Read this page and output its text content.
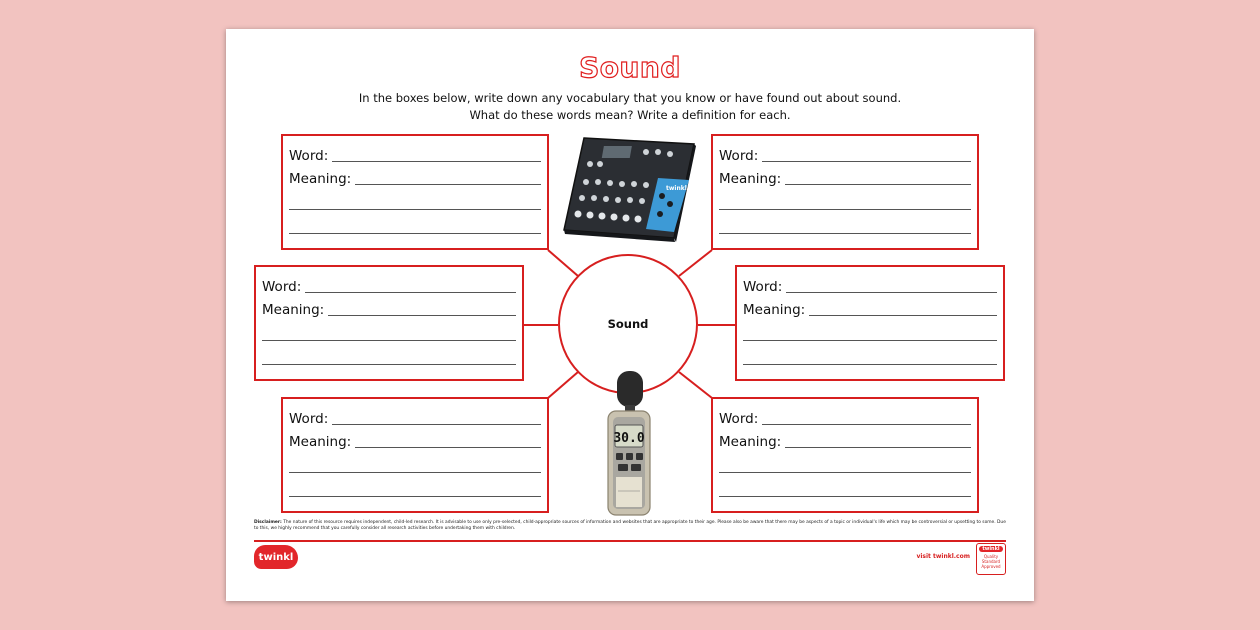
Sound

In the boxes below, write down any vocabulary that you know or have found out about sound.

What do these words mean? Write a definition for each.

Word:
Meaning:
Word:
Meaning:
Word:
Meaning:
Word:
Meaning:
Word:
Meaning:
Word:
Meaning:
Sound
twinkl
30.0
Disclaimer: The nature of this resource requires independent, child-led research. It is advisable to use only pre-selected, child-appropriate sources of information and websites that are appropriate to their age. Please also be aware that there may be aspects of a topic or individual's life which may be controversial or upsetting to some. Due to this, we highly recommend that you carefully consider all research activities before undertaking them with children.
twinkl	visit twinkl.com
twinkl
Quality Standard Approved
